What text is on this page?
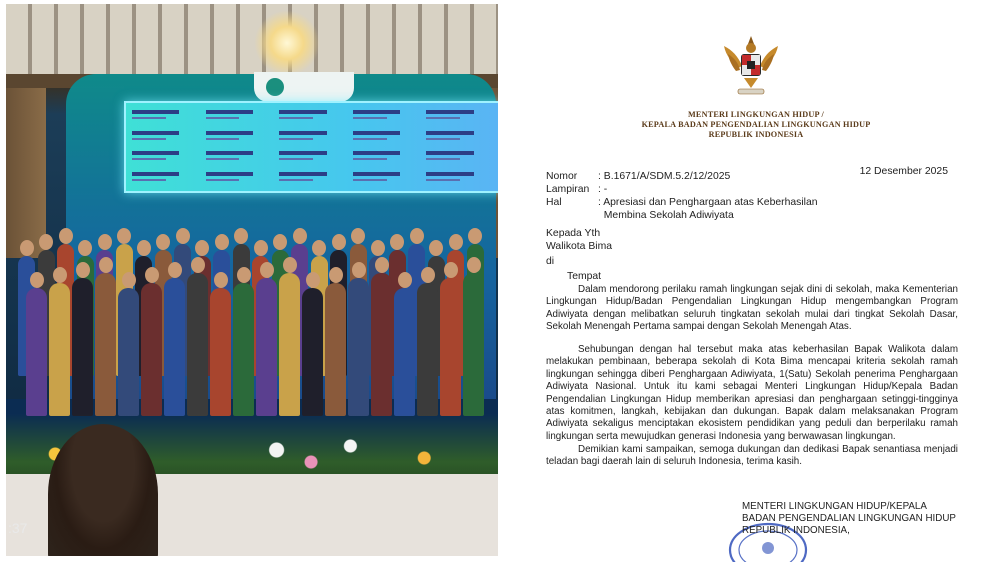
:37
MENTERI LINGKUNGAN HIDUP /
KEPALA BADAN PENGENDALIAN LINGKUNGAN HIDUP
REPUBLIK INDONESIA
12 Desember 2025
Nomor	: B.1671/A/SDM.5.2/12/2025
Lampiran : -
Hal	: Apresiasi dan Penghargaan atas Keberhasilan
Membina Sekolah Adiwiyata
Kepada Yth
Walikota Bima
di
Tempat

Dalam mendorong perilaku ramah lingkungan sejak dini di sekolah, maka Kementerian Lingkungan Hidup/Badan Pengendalian Lingkungan Hidup mengembangkan Program Adiwiyata dengan melibatkan seluruh tingkatan sekolah mulai dari tingkat Sekolah Dasar, Sekolah Menengah Pertama sampai dengan Sekolah Menengah Atas.

Sehubungan dengan hal tersebut maka atas keberhasilan Bapak Walikota dalam melakukan pembinaan, beberapa sekolah di Kota Bima mencapai kriteria sekolah ramah lingkungan sehingga diberi Penghargaan Adiwiyata, 1(Satu) Sekolah penerima Penghargaan Adiwiyata Nasional. Untuk itu kami sebagai Menteri Lingkungan Hidup/Kepala Badan Pengendalian Lingkungan Hidup memberikan apresiasi dan penghargaan setinggi-tingginya atas komitmen, langkah, kebijakan dan dukungan. Bapak dalam melaksanakan Program Adiwiyata sekaligus menciptakan ekosistem pendidikan yang peduli dan berperilaku ramah lingkungan serta mewujudkan generasi Indonesia yang berwawasan lingkungan.

Demikian kami sampaikan, semoga dukungan dan dedikasi Bapak senantiasa menjadi teladan bagi daerah lain di seluruh Indonesia, terima kasih.

MENTERI LINGKUNGAN HIDUP/KEPALA
BADAN PENGENDALIAN LINGKUNGAN HIDUP
REPUBLIK INDONESIA,
